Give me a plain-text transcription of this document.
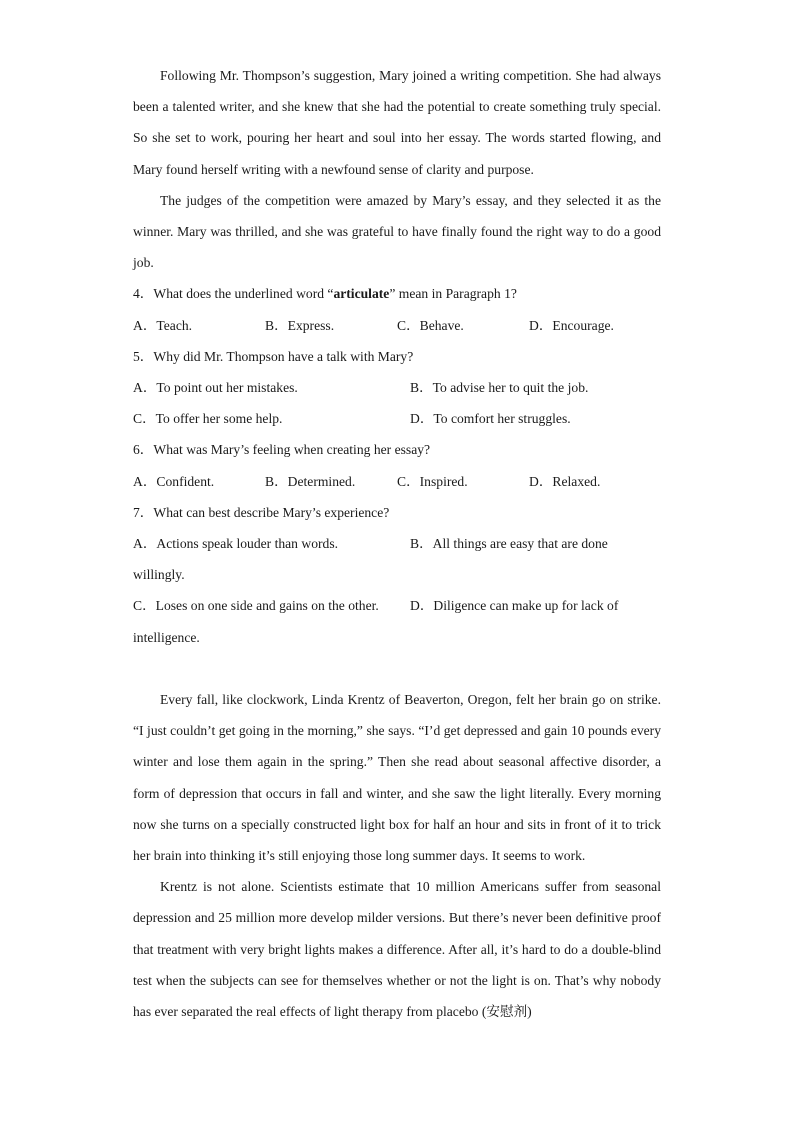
Following Mr. Thompson’s suggestion, Mary joined a writing competition. She had always been a talented writer, and she knew that she had the potential to create something truly special. So she set to work, pouring her heart and soul into her essay. The words started flowing, and Mary found herself writing with a newfound sense of clarity and purpose.
The judges of the competition were amazed by Mary’s essay, and they selected it as the winner. Mary was thrilled, and she was grateful to have finally found the right way to do a good job.
4．What does the underlined word “articulate” mean in Paragraph 1?
A．Teach.	B．Express.	C．Behave.	D．Encourage.
5．Why did Mr. Thompson have a talk with Mary?
A．To point out her mistakes.	B．To advise her to quit the job.
C．To offer her some help.	D．To comfort her struggles.
6．What was Mary’s feeling when creating her essay?
A．Confident.	B．Determined.	C．Inspired.	D．Relaxed.
7．What can best describe Mary’s experience?
A．Actions speak louder than words.	B．All things are easy that are done
willingly.
C．Loses on one side and gains on the other.	D．Diligence can make up for lack of
intelligence.
Every fall, like clockwork, Linda Krentz of Beaverton, Oregon, felt her brain go on strike. “I just couldn’t get going in the morning,” she says. “I’d get depressed and gain 10 pounds every winter and lose them again in the spring.” Then she read about seasonal affective disorder, a form of depression that occurs in fall and winter, and she saw the light literally. Every morning now she turns on a specially constructed light box for half an hour and sits in front of it to trick her brain into thinking it’s still enjoying those long summer days. It seems to work.
Krentz is not alone. Scientists estimate that 10 million Americans suffer from seasonal depression and 25 million more develop milder versions. But there’s never been definitive proof that treatment with very bright lights makes a difference. After all, it’s hard to do a double-blind test when the subjects can see for themselves whether or not the light is on. That’s why nobody has ever separated the real effects of light therapy from placebo (安慰剂)
